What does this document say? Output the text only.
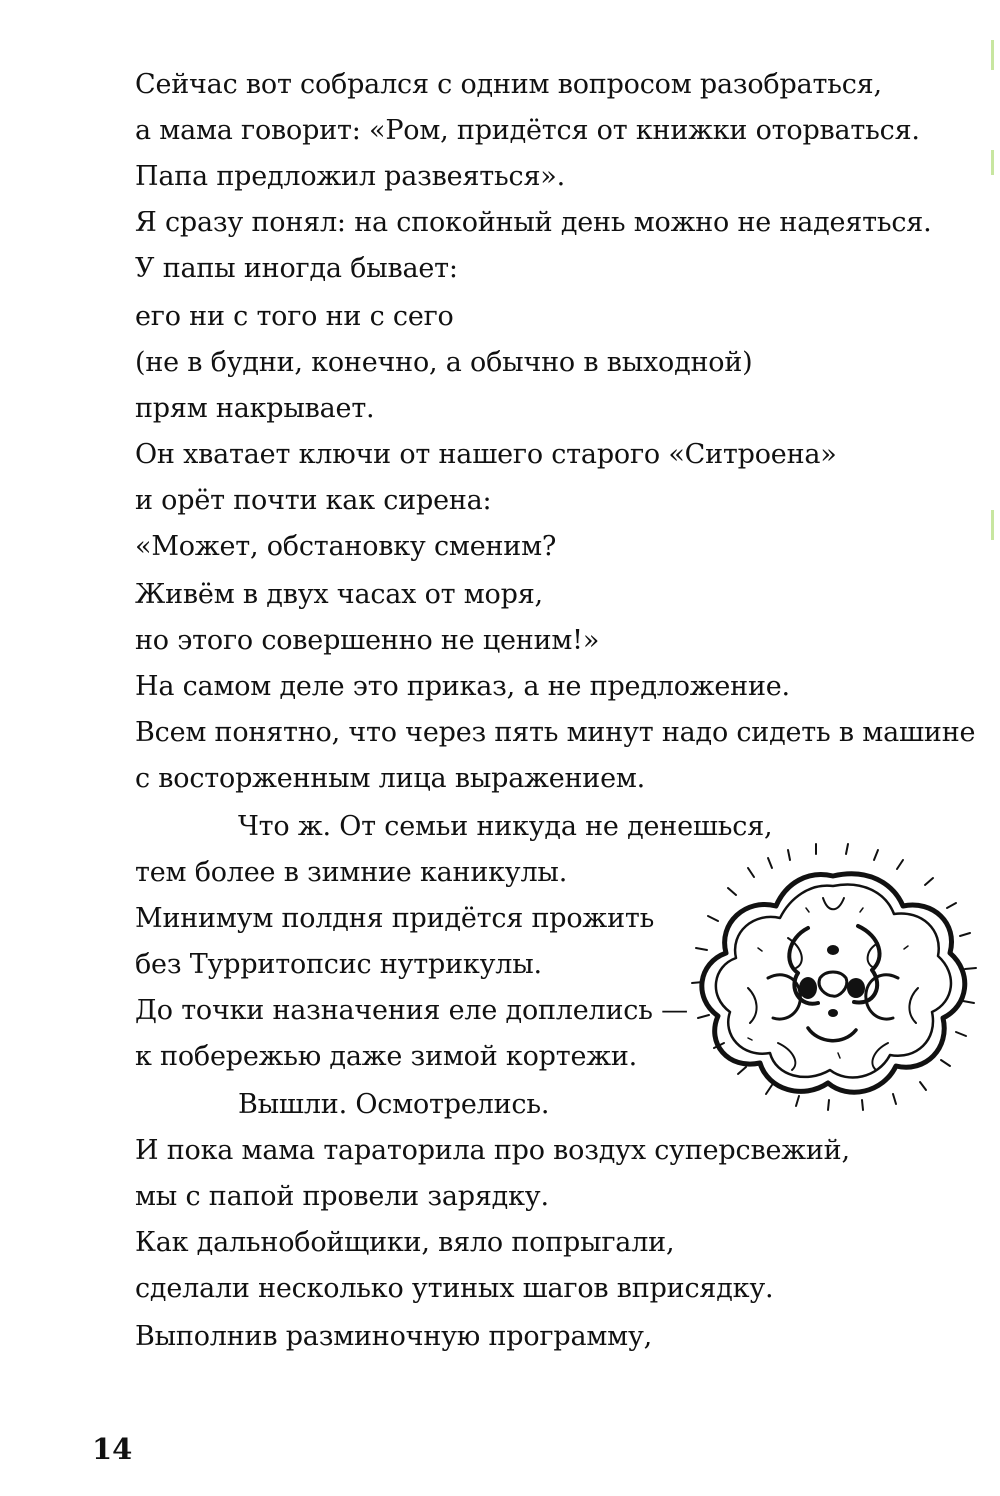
Сейчас вот собрался с одним вопросом разобраться,
а мама говорит: «Ром, придётся от книжки оторваться.
Папа предложил развеяться».
Я сразу понял: на спокойный день можно не надеяться.
У папы иногда бывает:
его ни с того ни с сего
(не в будни, конечно, а обычно в выходной)
прям накрывает.
Он хватает ключи от нашего старого «Ситроена»
и орёт почти как сирена:
«Может, обстановку сменим?
Живём в двух часах от моря,
но этого совершенно не ценим!»
На самом деле это приказ, а не предложение.
Всем понятно, что через пять минут надо сидеть в машине
с восторженным лица выражением.
Что ж. От семьи никуда не денешься,
тем более в зимние каникулы.
Минимум полдня придётся прожить
без Турритопсис нутрикулы.
До точки назначения еле доплелись —
к побережью даже зимой кортежи.
Вышли. Осмотрелись.
И пока мама тараторила про воздух суперсвежий,
мы с папой провели зарядку.
Как дальнобойщики, вяло попрыгали,
сделали несколько утиных шагов вприсядку.
Выполнив разминочную программу,
14
